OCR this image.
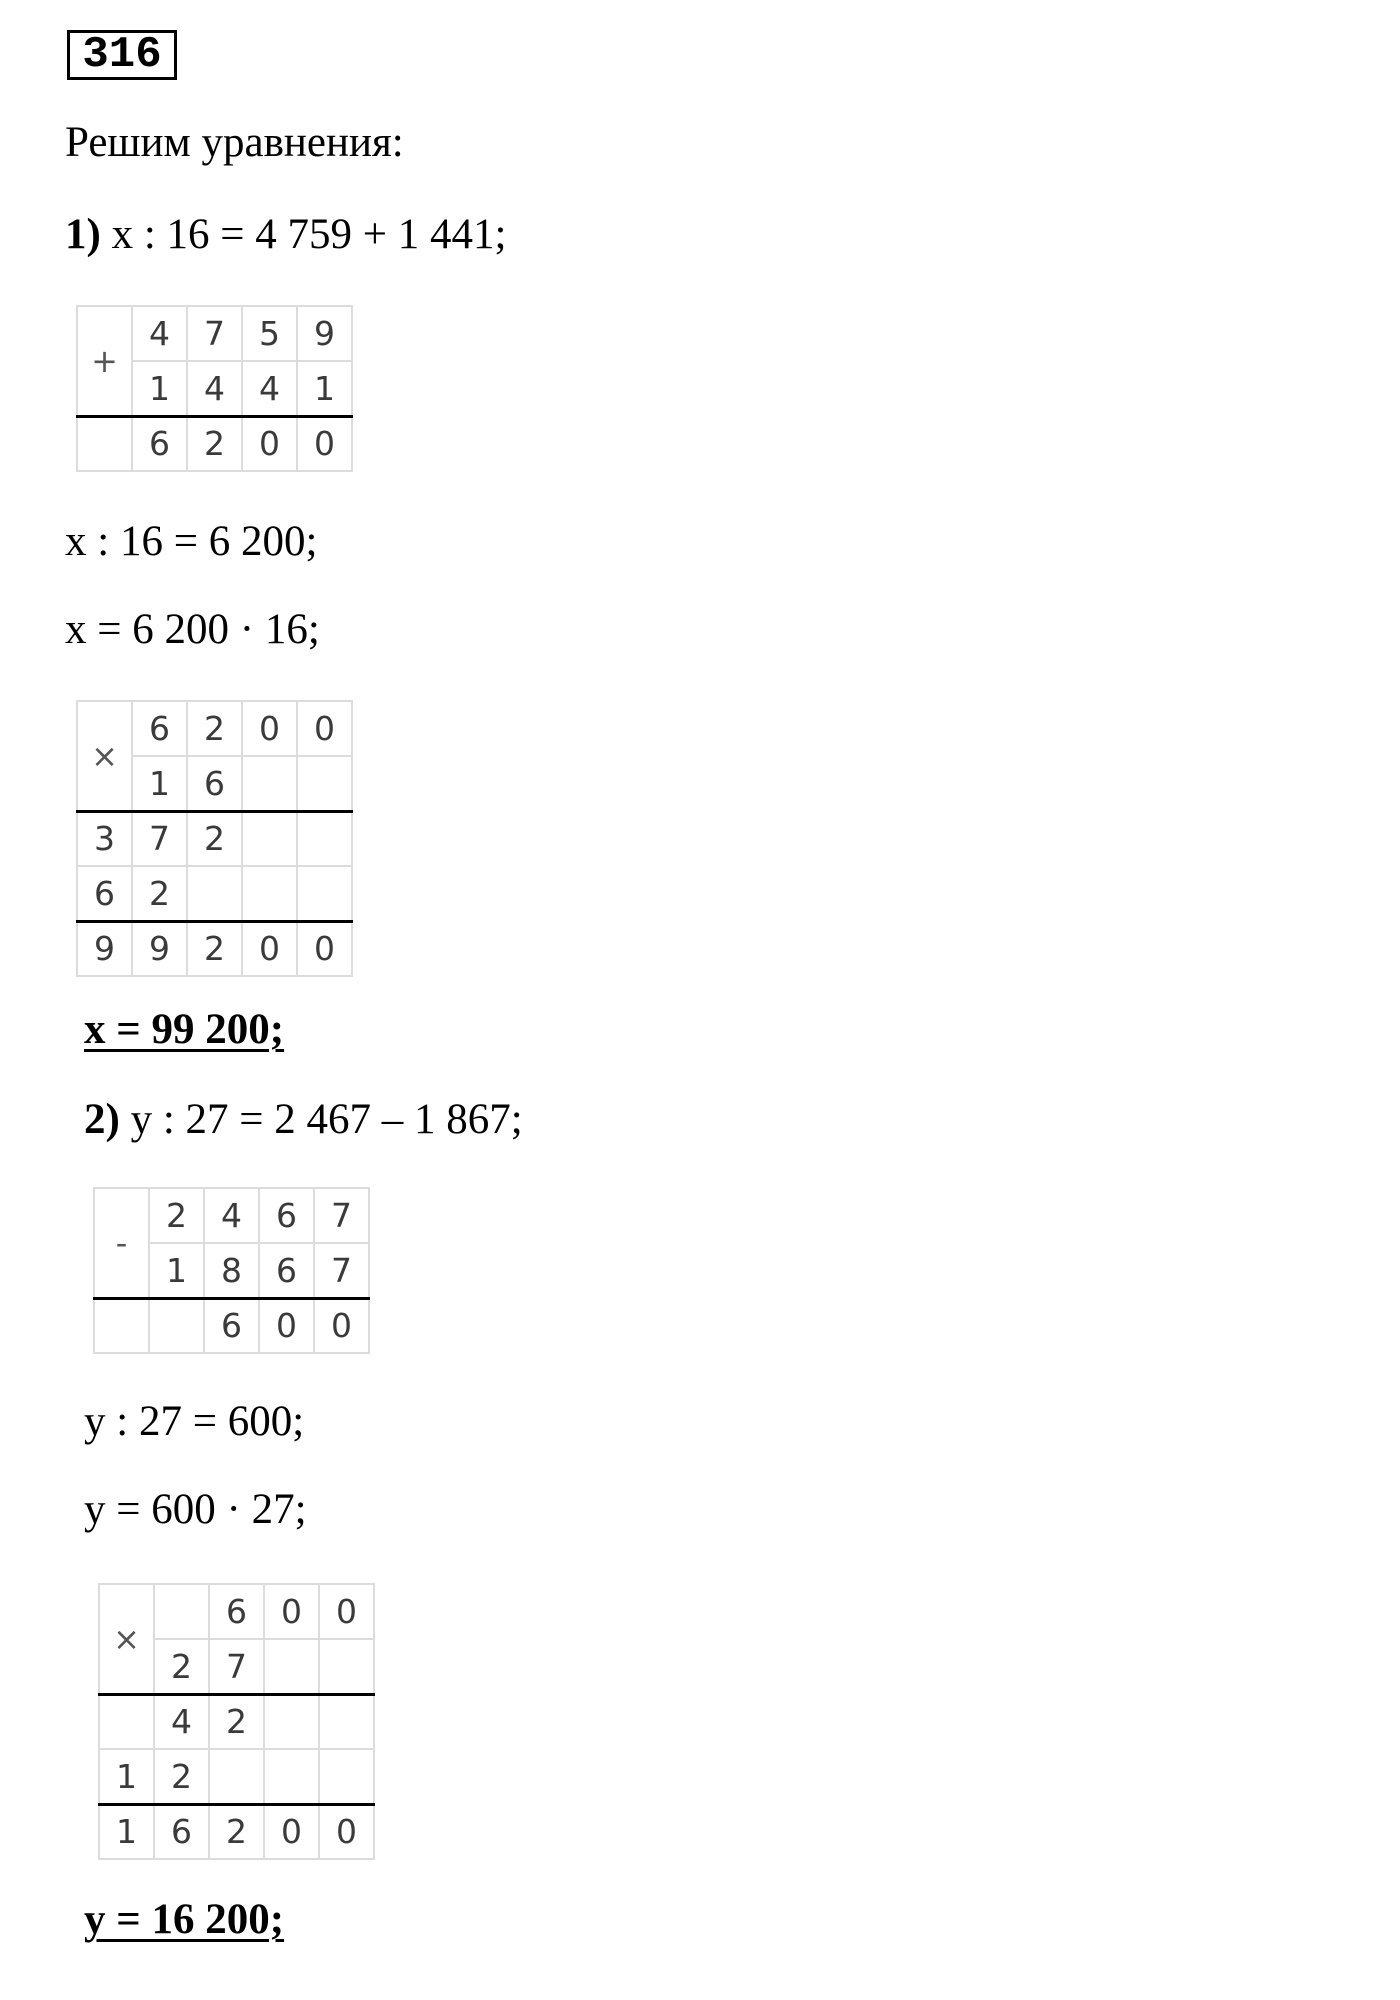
316
Решим уравнения:
1) x : 16 = 4 759 + 1 441;
+	4	7	5	9
	1	4	4	1
	6	2	0	0
x : 16 = 6 200;
x = 6 200 · 16;
×	6	2	0	0
	1	6		
3	7	2		
6	2			
9	9	2	0	0
x = 99 200;
2) y : 27 = 2 467 – 1 867;
-	2	4	6	7
	1	8	6	7
		6	0	0
y : 27 = 600;
y = 600 · 27;
×		6	0	0
	2	7		
	4	2		
1	2			
1	6	2	0	0
y = 16 200;
